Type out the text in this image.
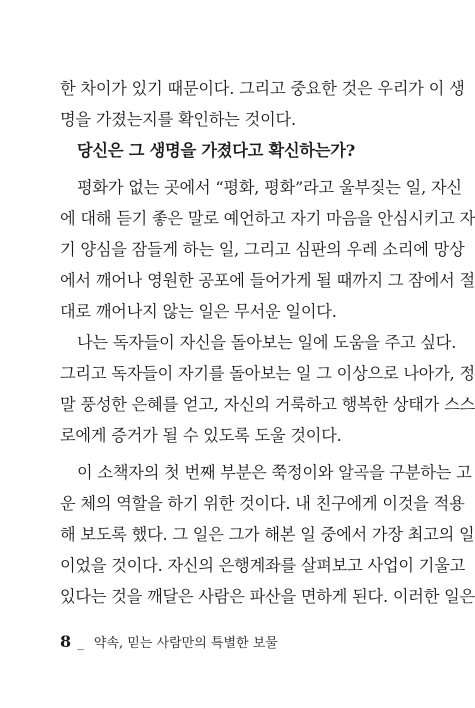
한 차이가 있기 때문이다. 그리고 중요한 것은 우리가 이 생
명을 가졌는지를 확인하는 것이다.
당신은 그 생명을 가졌다고 확신하는가?
평화가 없는 곳에서 “평화, 평화”라고 울부짖는 일, 자신
에 대해 듣기 좋은 말로 예언하고 자기 마음을 안심시키고 자
기 양심을 잠들게 하는 일, 그리고 심판의 우레 소리에 망상
에서 깨어나 영원한 공포에 들어가게 될 때까지 그 잠에서 절
대로 깨어나지 않는 일은 무서운 일이다.
나는 독자들이 자신을 돌아보는 일에 도움을 주고 싶다.
그리고 독자들이 자기를 돌아보는 일 그 이상으로 나아가, 정
말 풍성한 은혜를 얻고, 자신의 거룩하고 행복한 상태가 스스
로에게 증거가 될 수 있도록 도울 것이다.
이 소책자의 첫 번째 부분은 쭉정이와 알곡을 구분하는 고
운 체의 역할을 하기 위한 것이다. 내 친구에게 이것을 적용
해 보도록 했다. 그 일은 그가 해본 일 중에서 가장 최고의 일
이었을 것이다. 자신의 은행계좌를 살펴보고 사업이 기울고
있다는 것을 깨달은 사람은 파산을 면하게 된다. 이러한 일은
8 _ 약속, 믿는 사람만의 특별한 보물
